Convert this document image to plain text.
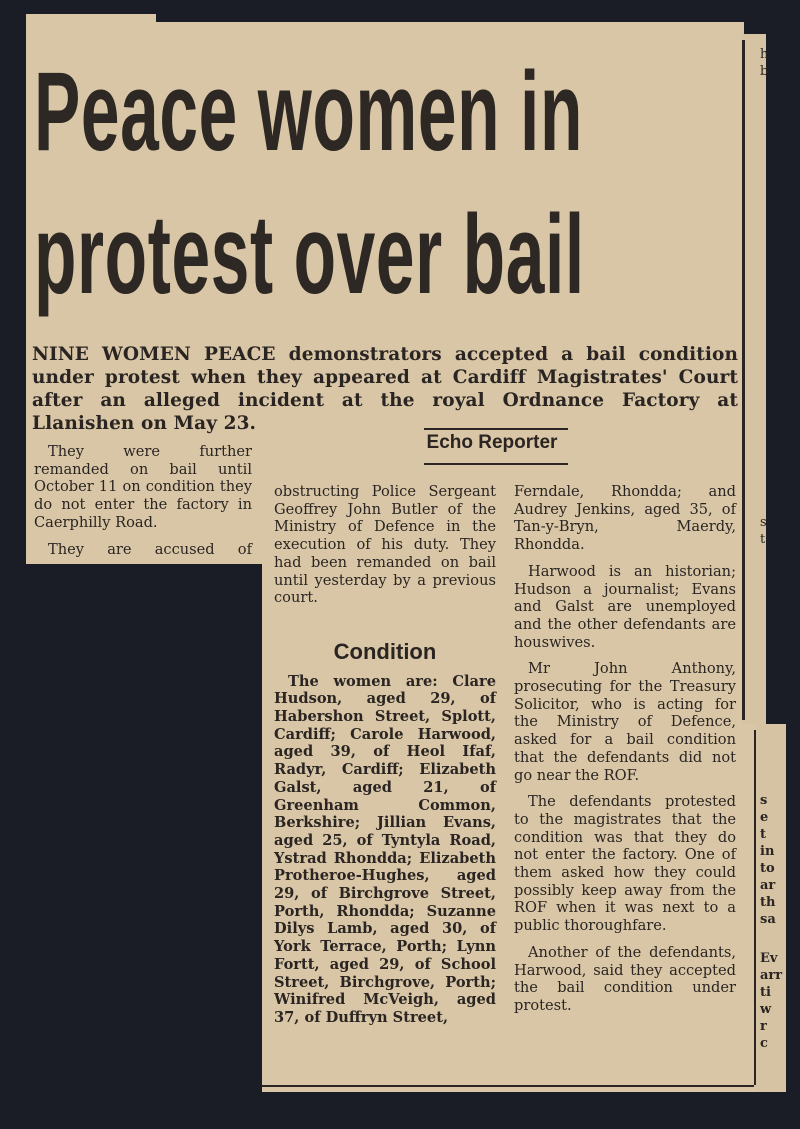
Peace women in
protest over bail
NINE WOMEN PEACE demonstrators accepted a bail condition under protest when they appeared at Cardiff Magistrates' Court after an alleged incident at the royal Ordnance Factory at Llanishen on May 23.
Echo Reporter

They were further remanded on bail until October 11 on condition they do not enter the factory in Caerphilly Road.

They are accused of

obstructing Police Sergeant Geoffrey John Butler of the Ministry of Defence in the execution of his duty. They had been remanded on bail until yesterday by a previous court.

Condition

The women are: Clare Hudson, aged 29, of Habershon Street, Splott, Cardiff; Carole Harwood, aged 39, of Heol Ifaf, Radyr, Cardiff; Elizabeth Galst, aged 21, of Greenham Common, Berkshire; Jillian Evans, aged 25, of Tyntyla Road, Ystrad Rhondda; Elizabeth Protheroe-Hughes, aged 29, of Birchgrove Street, Porth, Rhondda; Suzanne Dilys Lamb, aged 30, of York Terrace, Porth; Lynn Fortt, aged 29, of School Street, Birchgrove, Porth; Winifred McVeigh, aged 37, of Duffryn Street,

Ferndale, Rhondda; and Audrey Jenkins, aged 35, of Tan-y-Bryn, Maerdy, Rhondda.

Harwood is an historian; Hudson a journalist; Evans and Galst are unemployed and the other defendants are houswives.

Mr John Anthony, prosecuting for the Treasury Solicitor, who is acting for the Ministry of Defence, asked for a bail condition that the defendants did not go near the ROF.

The defendants protested to the magistrates that the condition was that they do not enter the factory. One of them asked how they could possibly keep away from the ROF when it was next to a public thoroughfare.

Another of the defendants, Harwood, said they accepted the bail condition under protest.

h
b
s
t
s
e
t
in
to
ar
th
sa
Ev
arr
ti
w
r
c
